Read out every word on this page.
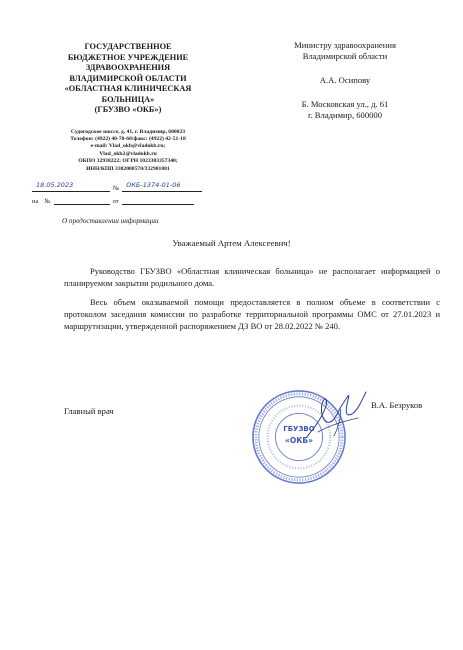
ГОСУДАРСТВЕННОЕ
БЮДЖЕТНОЕ УЧРЕЖДЕНИЕ
ЗДРАВООХРАНЕНИЯ
ВЛАДИМИРСКОЙ ОБЛАСТИ
«ОБЛАСТНАЯ КЛИНИЧЕСКАЯ
БОЛЬНИЦА»
(ГБУЗВО «ОКБ»)
Судогодское шоссе, д. 41, г. Владимир, 600023
Телефон: (4922) 40-70-60/факс: (4922) 42-51-18
e-mail: Vlad_okb@vladokb.ru;
Vlad_okb2@vladokb.ru
ОКПО 32938222; ОГРН 1023303357340;
ИНН/КПП 3302008570/332901001
18.05.2023	№ ОКБ-1374-01-06
на №	от
О предоставлении информации
Министру здравоохранения
Владимирской области
А.А. Осипову
Б. Московская ул., д. 61
г. Владимир, 600000
Уважаемый Артем Алексеевич!
Руководство ГБУЗВО «Областная клиническая больница» не располагает информацией о планируемом закрытии родильного дома.
Весь объем оказываемой помощи предоставляется в полном объеме в соответствии с протоколом заседания комиссии по разработке территориальной программы ОМС от 27.01.2023 и маршрутизации, утвержденной распоряжением ДЗ ВО от 28.02.2022 № 240.
Главный врач
ГБУЗВО
«ОКБ»
В.А. Безруков
